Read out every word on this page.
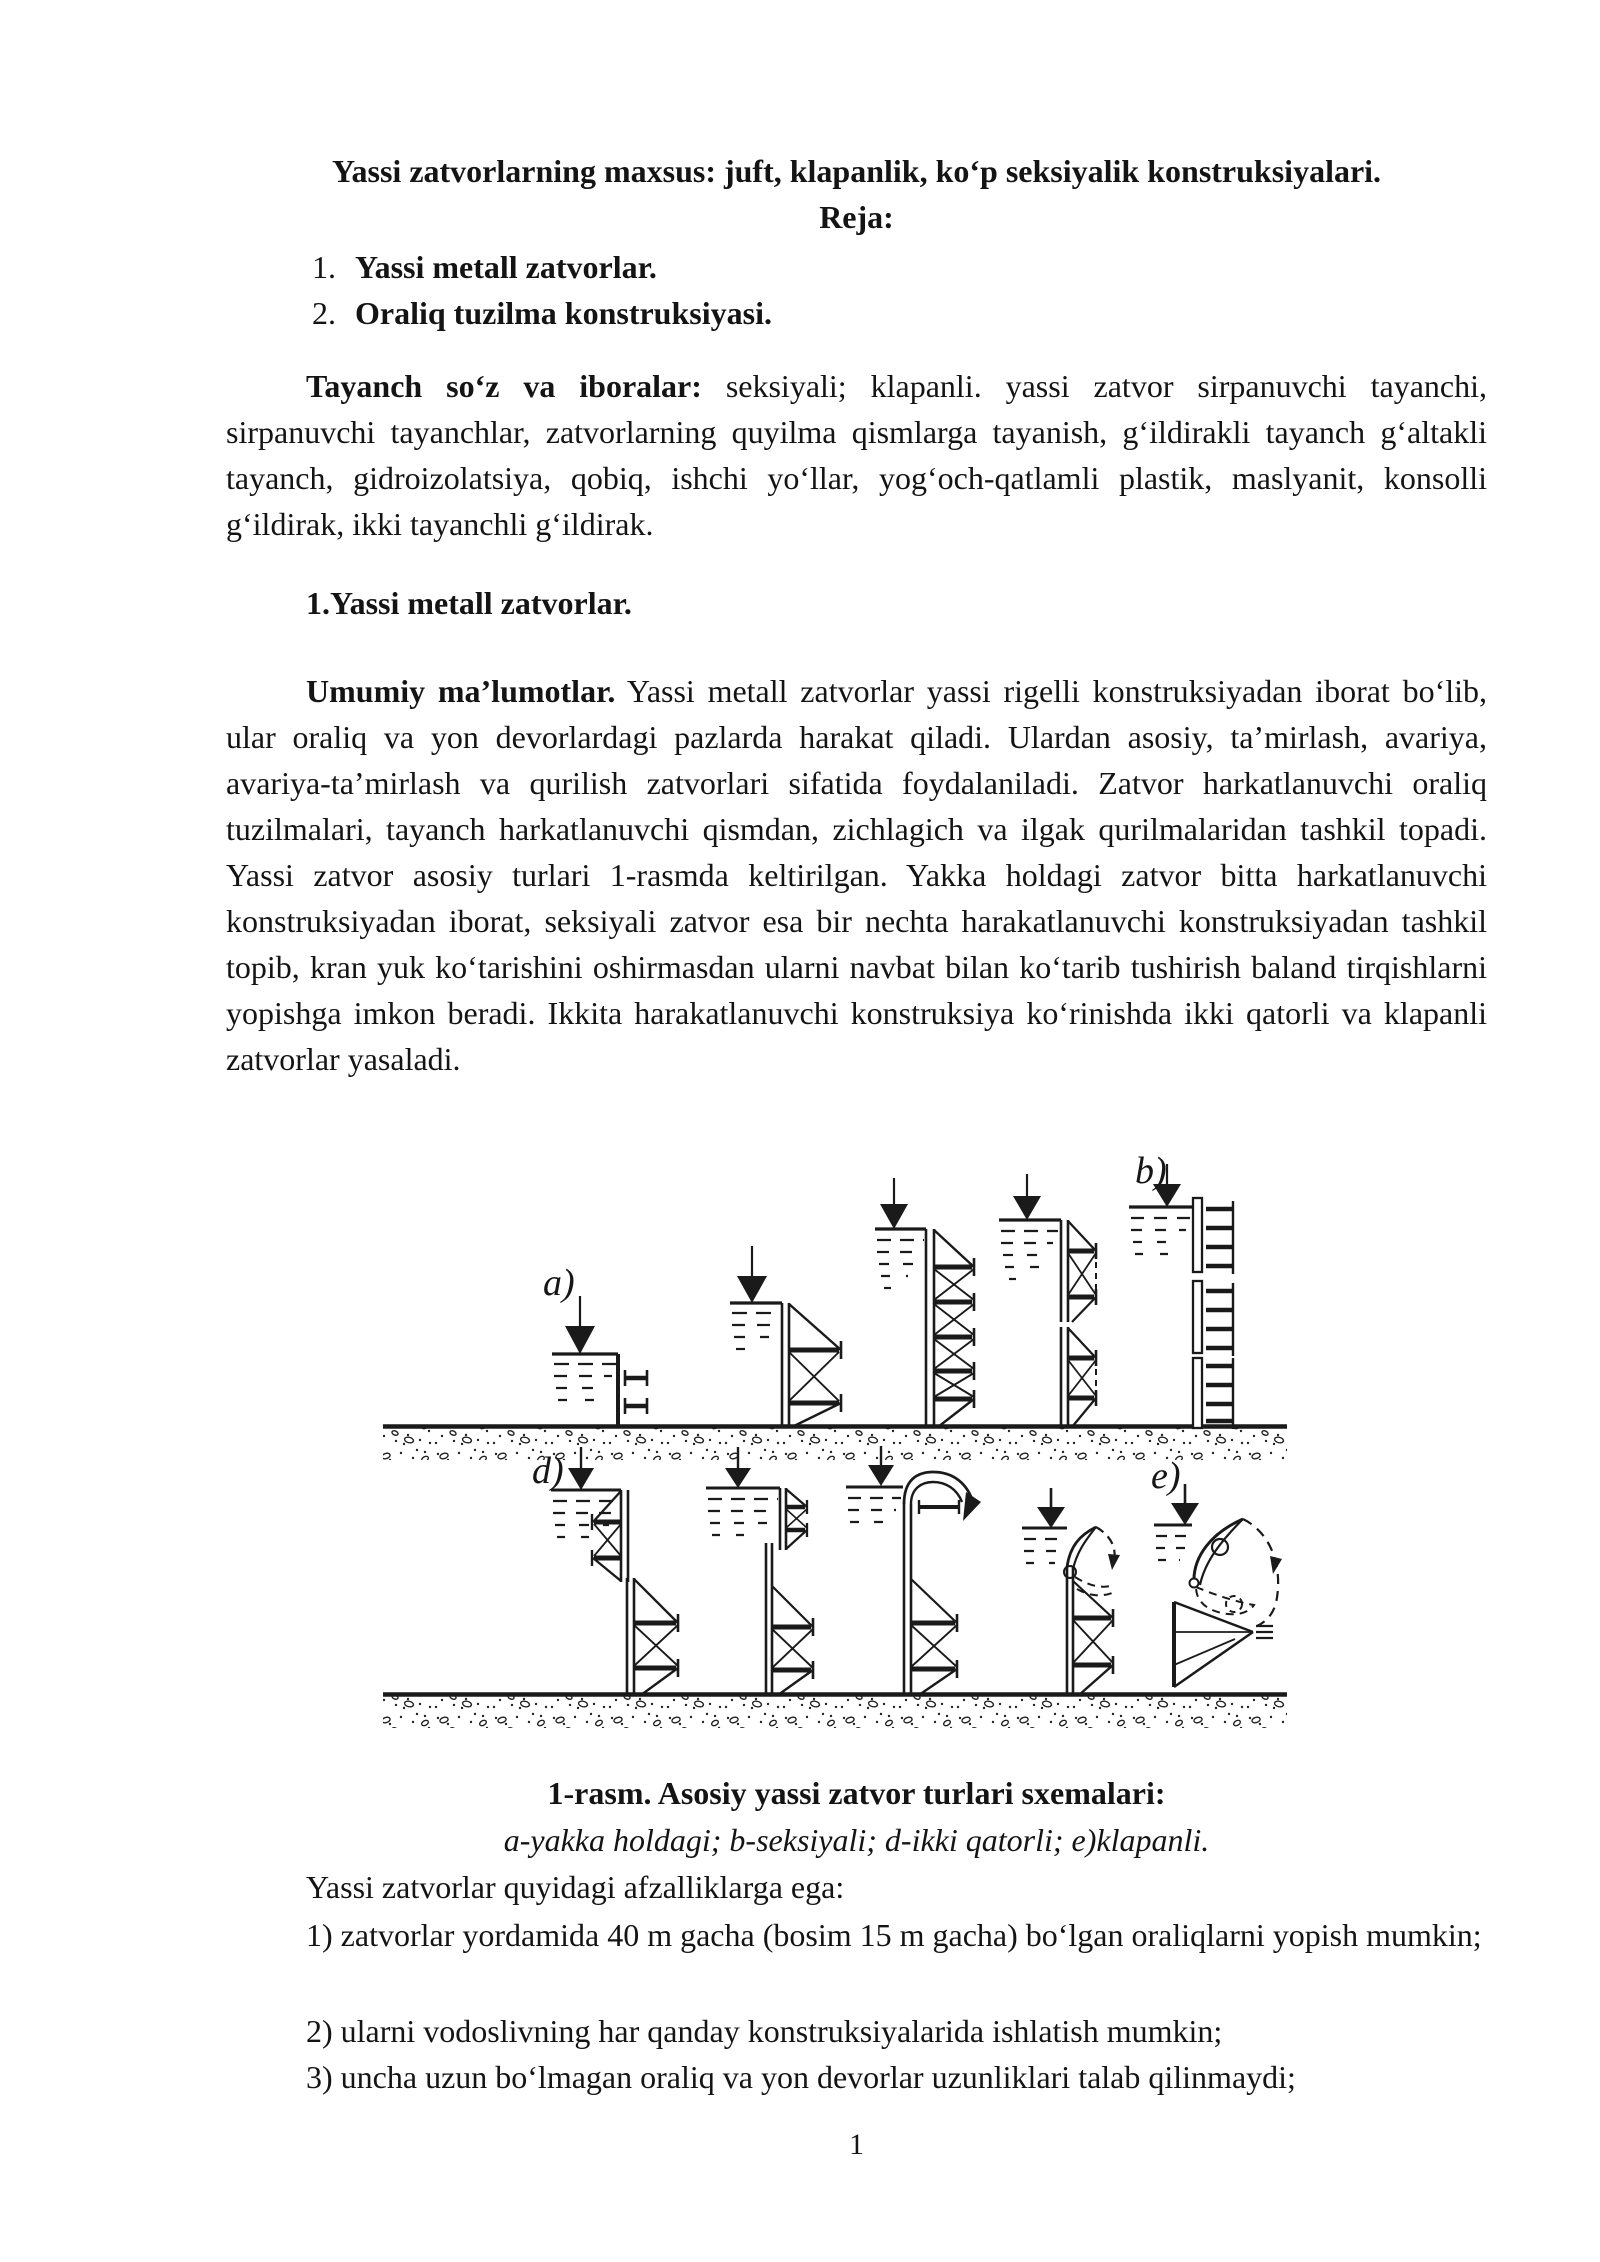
Yassi zatvorlarning maxsus: juft, klapanlik, koʻp seksiyalik konstruksiyalari.
Reja:
1. Yassi metall zatvorlar.
2. Oraliq tuzilma konstruksiyasi.

Tayanch soʻz va iboralar: seksiyali; klapanli. yassi zatvor sirpanuvchi tayanchi, sirpanuvchi tayanchlar, zatvorlarning quyilma qismlarga tayanish, gʻildirakli tayanch gʻaltakli tayanch, gidroizolatsiya, qobiq, ishchi yoʻllar, yogʻoch-qatlamli plastik, maslyanit, konsolli gʻildirak, ikki tayanchli gʻildirak.

1.Yassi metall zatvorlar.

Umumiy ma’lumotlar. Yassi metall zatvorlar yassi rigelli konstruksiyadan iborat boʻlib, ular oraliq va yon devorlardagi pazlarda harakat qiladi. Ulardan asosiy, ta’mirlash, avariya, avariya-ta’mirlash va qurilish zatvorlari sifatida foydalaniladi. Zatvor harkatlanuvchi oraliq tuzilmalari, tayanch harkatlanuvchi qismdan, zichlagich va ilgak qurilmalaridan tashkil topadi. Yassi zatvor asosiy turlari 1-rasmda keltirilgan. Yakka holdagi zatvor bitta harkatlanuvchi konstruksiyadan iborat, seksiyali zatvor esa bir nechta harakatlanuvchi konstruksiyadan tashkil topib, kran yuk koʻtarishini oshirmasdan ularni navbat bilan koʻtarib tushirish baland tirqishlarni yopishga imkon beradi. Ikkita harakatlanuvchi konstruksiya koʻrinishda ikki qatorli va klapanli zatvorlar yasaladi.

a)
b)
d)	e)
1-rasm. Asosiy yassi zatvor turlari sxemalari:
a-yakka holdagi; b-seksiyali; d-ikki qatorli; e)klapanli.
Yassi zatvorlar quyidagi afzalliklarga ega:

1) zatvorlar yordamida 40 m gacha (bosim 15 m gacha) boʻlgan oraliqlarni yopish mumkin;

2) ularni vodoslivning har qanday konstruksiyalarida ishlatish mumkin;

3) uncha uzun boʻlmagan oraliq va yon devorlar uzunliklari talab qilinmaydi;

1
